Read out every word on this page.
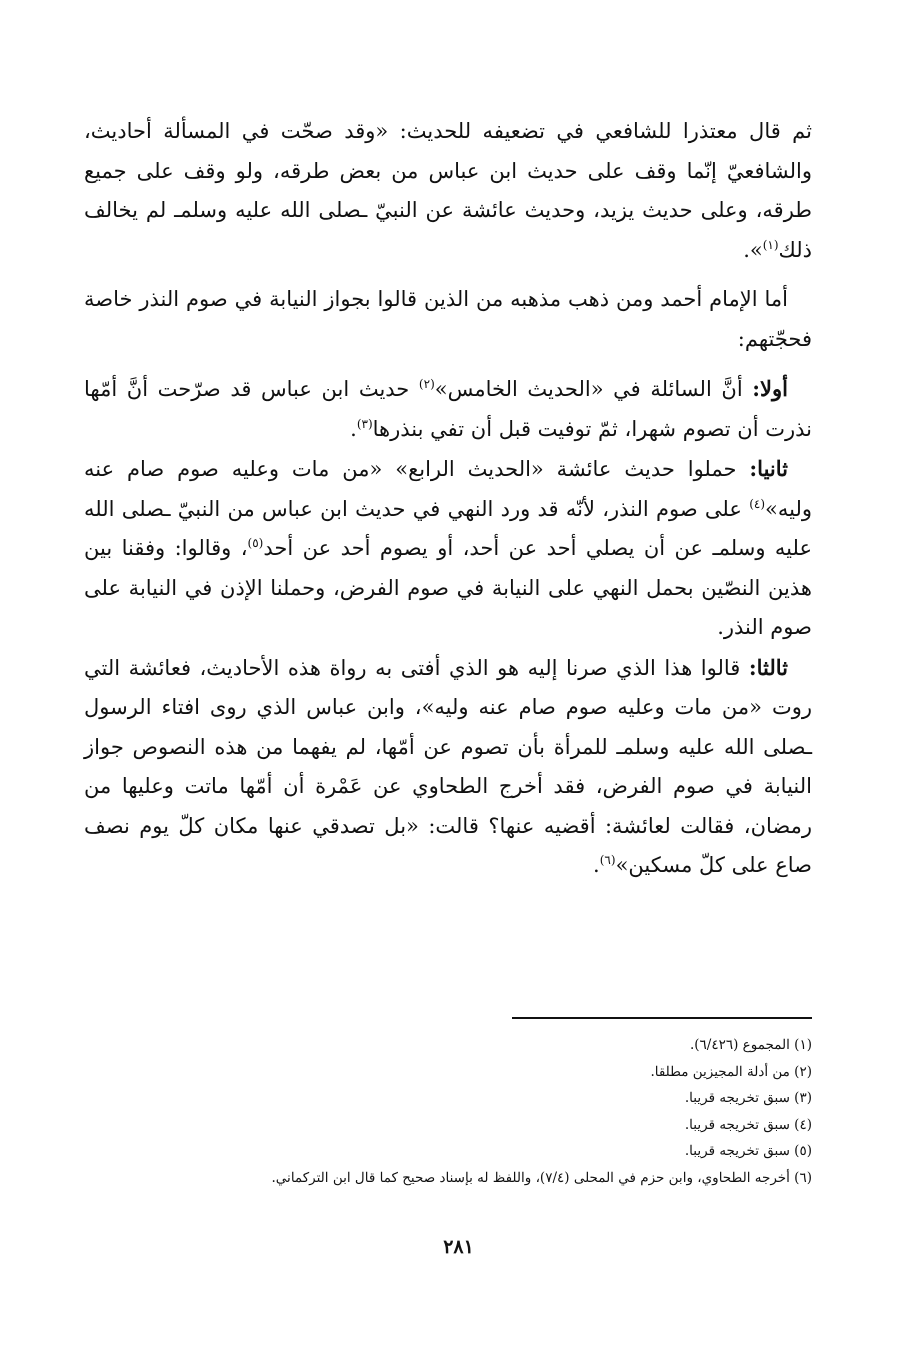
ثم قال معتذرا للشافعي في تضعيفه للحديث: «وقد صحّت في المسألة أحاديث، والشافعيّ إنّما وقف على حديث ابن عباس من بعض طرقه، ولو وقف على جميع طرقه، وعلى حديث يزيد، وحديث عائشة عن النبيّ ـصلى الله عليه وسلمـ لم يخالف ذلك$^{(١)}$».

أما الإمام أحمد ومن ذهب مذهبه من الذين قالوا بجواز النيابة في صوم النذر خاصة فحجّتهم:

أولا: أنَّ السائلة في «الحديث الخامس»$^{(٢)}$ حديث ابن عباس قد صرّحت أنَّ أمّها نذرت أن تصوم شهرا، ثمّ توفيت قبل أن تفي بنذرها$^{(٣)}$.

ثانيا: حملوا حديث عائشة «الحديث الرابع» «من مات وعليه صوم صام عنه وليه»$^{(٤)}$ على صوم النذر، لأنّه قد ورد النهي في حديث ابن عباس من النبيّ ـصلى الله عليه وسلمـ عن أن يصلي أحد عن أحد، أو يصوم أحد عن أحد$^{(٥)}$، وقالوا: وفقنا بين هذين النصّين بحمل النهي على النيابة في صوم الفرض، وحملنا الإذن في النيابة على صوم النذر.

ثالثا: قالوا هذا الذي صرنا إليه هو الذي أفتى به رواة هذه الأحاديث، فعائشة التي روت «من مات وعليه صوم صام عنه وليه»، وابن عباس الذي روى افتاء الرسول ـصلى الله عليه وسلمـ للمرأة بأن تصوم عن أمّها، لم يفهما من هذه النصوص جواز النيابة في صوم الفرض، فقد أخرج الطحاوي عن عَمْرة أن أمّها ماتت وعليها من رمضان، فقالت لعائشة: أقضيه عنها؟ قالت: «بل تصدقي عنها مكان كلّ يوم نصف صاع على كلّ مسكين»$^{(٦)}$.

(١) المجموع (٦/٤٢٦).
(٢) من أدلة المجيزين مطلقا.
(٣) سبق تخريجه قريبا.
(٤) سبق تخريجه قريبا.
(٥) سبق تخريجه قريبا.
(٦) أخرجه الطحاوي، وابن حزم في المحلى (٧/٤)، واللفظ له بإسناد صحيح كما قال ابن التركماني.
٢٨١
